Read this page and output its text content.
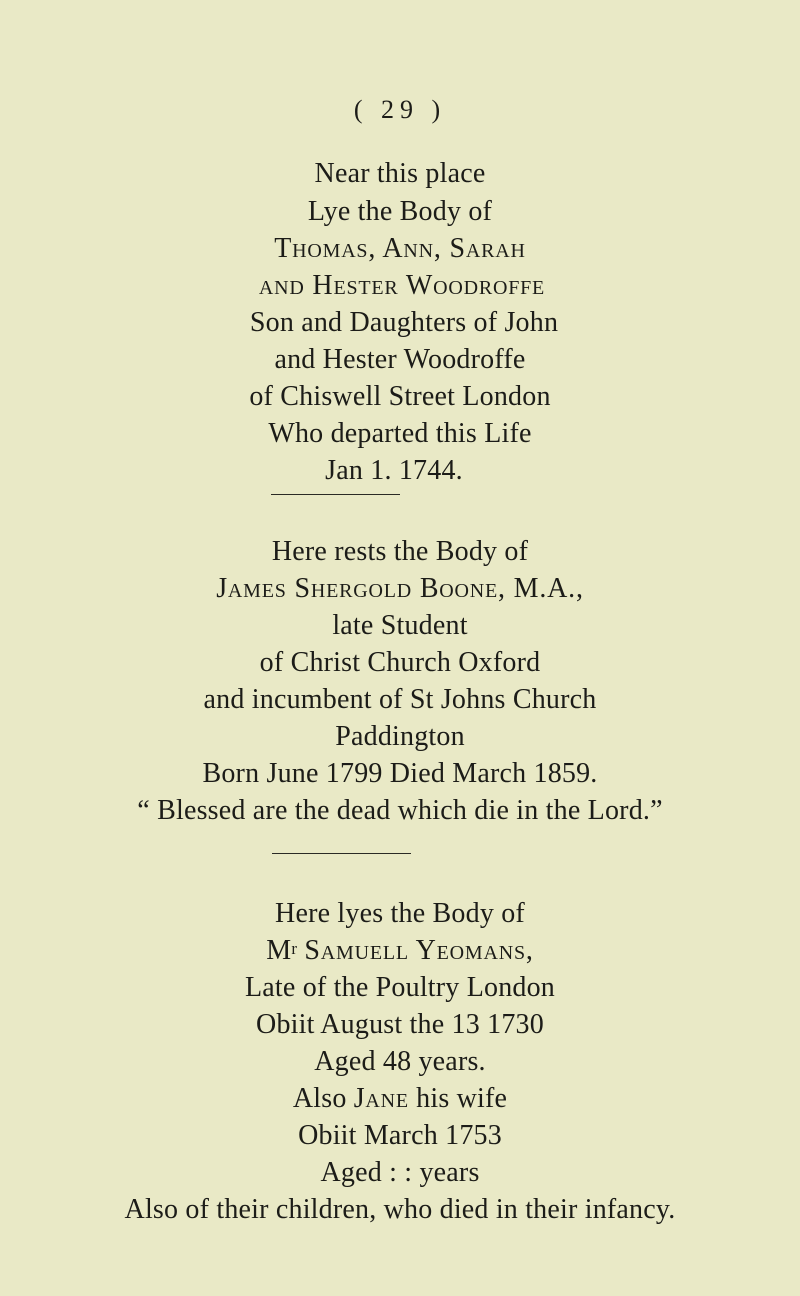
( 29 )
Near this place
Lye the Body of
Thomas, Ann, Sarah
and Hester Woodroffe
Son and Daughters of John
and Hester Woodroffe
of Chiswell Street London
Who departed this Life
Jan 1. 1744.
Here rests the Body of
James Shergold Boone, M.A.,
late Student
of Christ Church Oxford
and incumbent of St Johns Church
Paddington
Born June 1799 Died March 1859.
“ Blessed are the dead which die in the Lord.”
Here lyes the Body of
$M^r$ Samuell Yeomans,
Late of the Poultry London
Obiit August the 13 1730
Aged 48 years.
Also Jane his wife
Obiit March 1753
Aged : : years
Also of their children, who died in their infancy.
